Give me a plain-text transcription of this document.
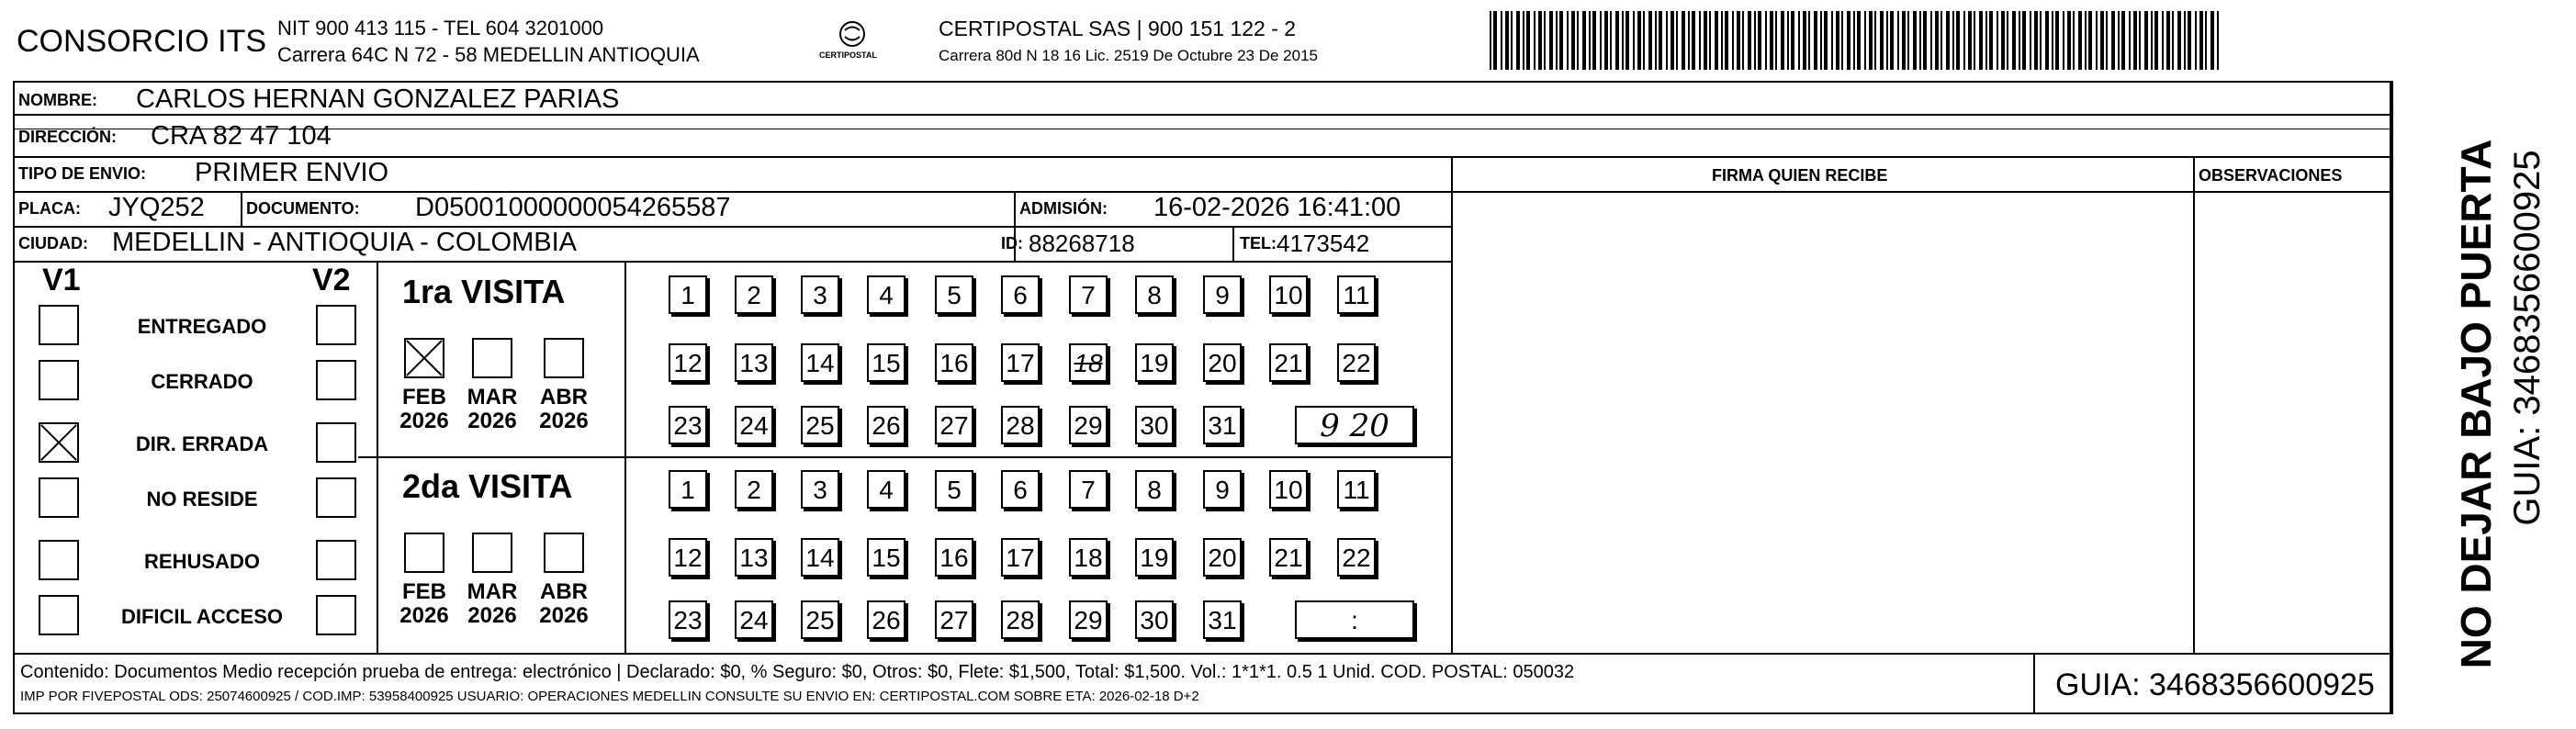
CONSORCIO ITS NIT 900 413 115 - TEL 604 3201000
Carrera 64C N 72 - 58 MEDELLIN ANTIOQUIA	CERTIPOSTAL
CERTIPOSTAL SAS | 900 151 122 - 2
Carrera 80d N 18 16 Lic. 2519 De Octubre 23 De 2015
NOMBRE: CARLOS HERNAN GONZALEZ PARIAS
DIRECCIÓN: CRA 82 47 104
TIPO DE ENVIO: PRIMER ENVIO	FIRMA QUIEN RECIBE	OBSERVACIONES
PLACA: JYQ252	DOCUMENTO: D05001000000054265587	ADMISIÓN: 16-02-2026 16:41:00
CIUDAD: MEDELLIN - ANTIOQUIA - COLOMBIA	ID: 88268718	TEL: 4173542
V1	V2
ENTREGADO
CERRADO
DIR. ERRADA
NO RESIDE
REHUSADO
DIFICIL ACCESO
1ra VISITA
2da VISITA
FEB
2026
MAR
2026
ABR
2026
1	2	3	4	5	6	7	8	9	10 11
12 13 14 15 16 17 18 19 20 21 22
23 24 25 26 27 28 29 30 31	9 20
FEB
2026
MAR
2026
ABR
2026
1	2	3	4	5	6	7	8	9	10 11
12 13 14 15 16 17 18 19 20 21 22
23 24 25 26 27 28 29 30 31	:
Contenido: Documentos Medio recepción prueba de entrega: electrónico | Declarado: $0, % Seguro: $0, Otros: $0, Flete: $1,500, Total: $1,500. Vol.: 1*1*1. 0.5 1 Unid. COD. POSTAL: 050032
IMP POR FIVEPOSTAL ODS: 25074600925 / COD.IMP: 53958400925 USUARIO: OPERACIONES MEDELLIN CONSULTE SU ENVIO EN: CERTIPOSTAL.COM SOBRE ETA: 2026-02-18 D+2	GUIA: 3468356600925
NO DEJAR BAJO PUERTA GUIA: 3468356600925
